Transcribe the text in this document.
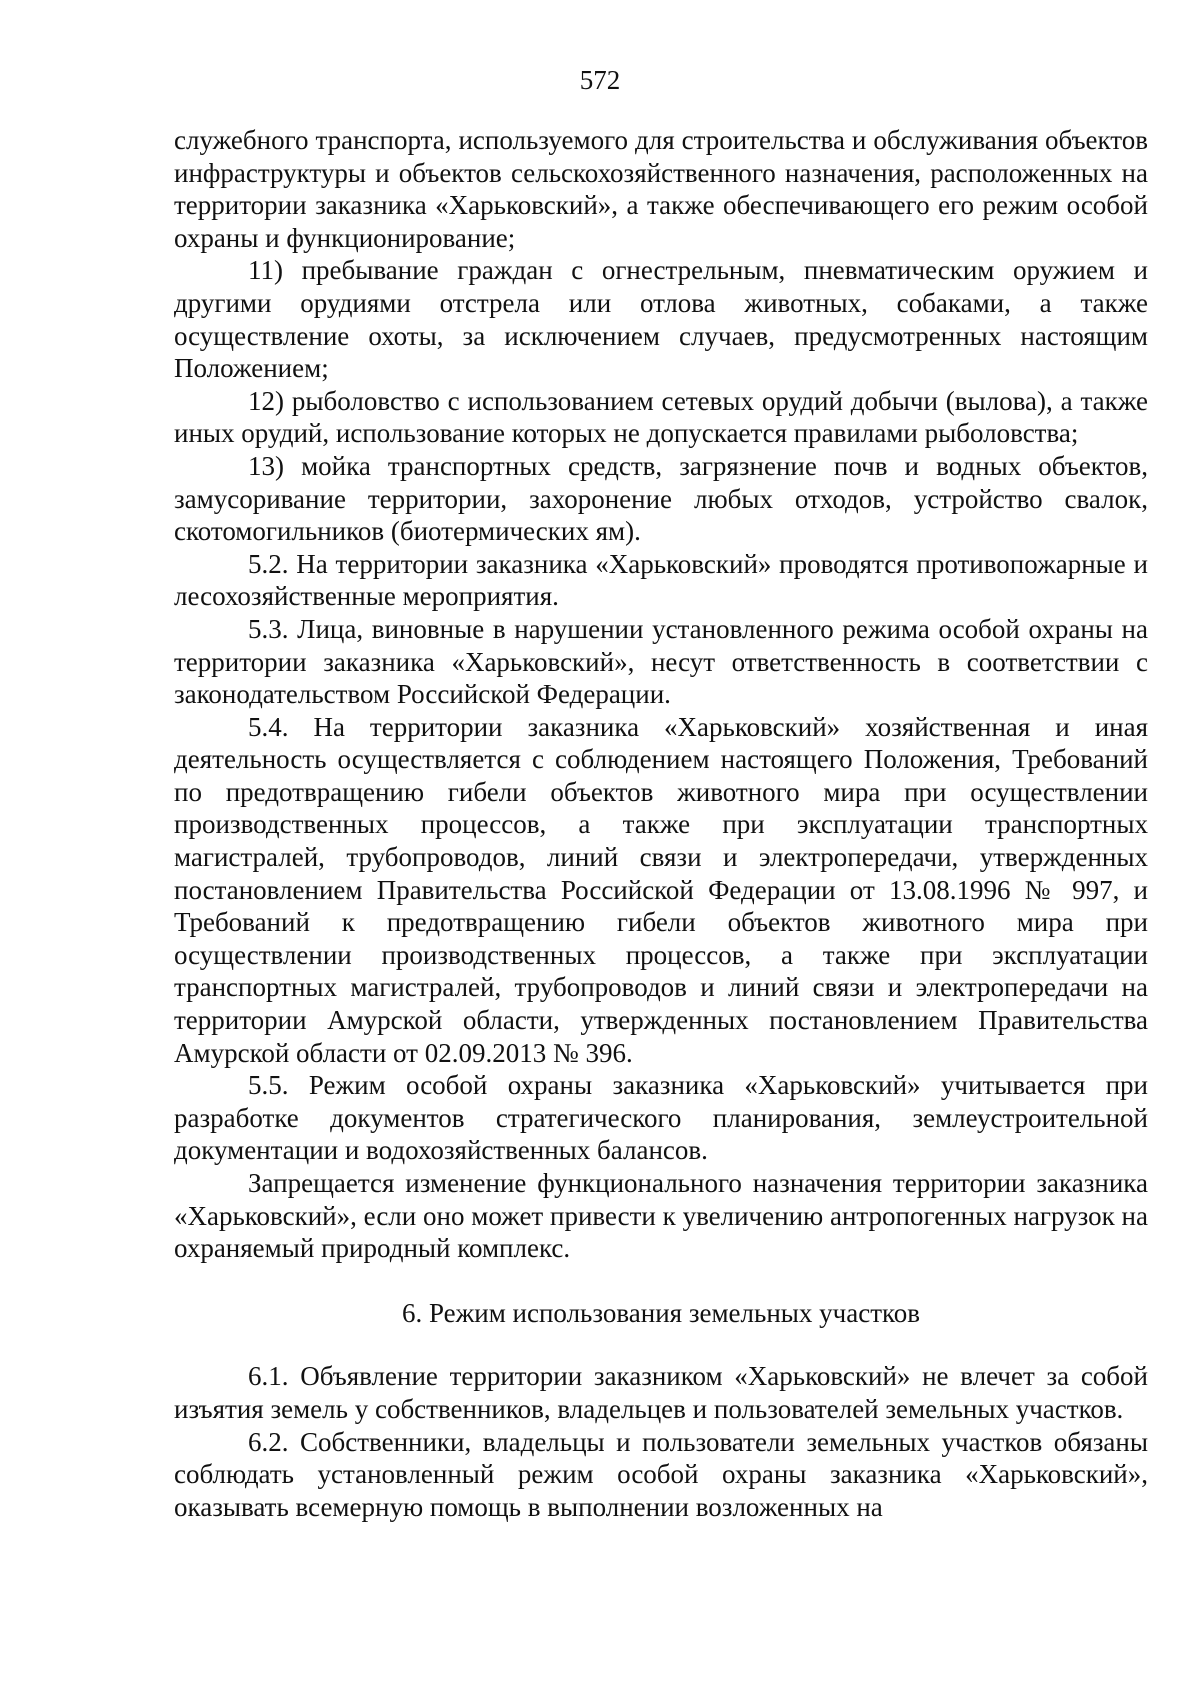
572

служебного транспорта, используемого для строительства и обслуживания объектов инфраструктуры и объектов сельскохозяйственного назначения, расположенных на территории заказника «Харьковский», а также обеспечивающего его режим особой охраны и функционирование;

11) пребывание граждан с огнестрельным, пневматическим оружием и другими орудиями отстрела или отлова животных, собаками, а также осуществление охоты, за исключением случаев, предусмотренных настоящим Положением;

12) рыболовство с использованием сетевых орудий добычи (вылова), а также иных орудий, использование которых не допускается правилами рыболовства;

13) мойка транспортных средств, загрязнение почв и водных объектов, замусоривание территории, захоронение любых отходов, устройство свалок, скотомогильников (биотермических ям).

5.2. На территории заказника «Харьковский» проводятся противопожарные и лесохозяйственные мероприятия.

5.3. Лица, виновные в нарушении установленного режима особой охраны на территории заказника «Харьковский», несут ответственность в соответствии с законодательством Российской Федерации.

5.4. На территории заказника «Харьковский» хозяйственная и иная деятельность осуществляется с соблюдением настоящего Положения, Требований по предотвращению гибели объектов животного мира при осуществлении производственных процессов, а также при эксплуатации транспортных магистралей, трубопроводов, линий связи и электропередачи, утвержденных постановлением Правительства Российской Федерации от 13.08.1996 № 997, и Требований к предотвращению гибели объектов животного мира при осуществлении производственных процессов, а также при эксплуатации транспортных магистралей, трубопроводов и линий связи и электропередачи на территории Амурской области, утвержденных постановлением Правительства Амурской области от 02.09.2013 № 396.

5.5. Режим особой охраны заказника «Харьковский» учитывается при разработке документов стратегического планирования, землеустроительной документации и водохозяйственных балансов.

Запрещается изменение функционального назначения территории заказника «Харьковский», если оно может привести к увеличению антропогенных нагрузок на охраняемый природный комплекс.

6. Режим использования земельных участков

6.1. Объявление территории заказником «Харьковский» не влечет за собой изъятия земель у собственников, владельцев и пользователей земельных участков.

6.2. Собственники, владельцы и пользователи земельных участков обязаны соблюдать установленный режим особой охраны заказника «Харьковский», оказывать всемерную помощь в выполнении возложенных на
